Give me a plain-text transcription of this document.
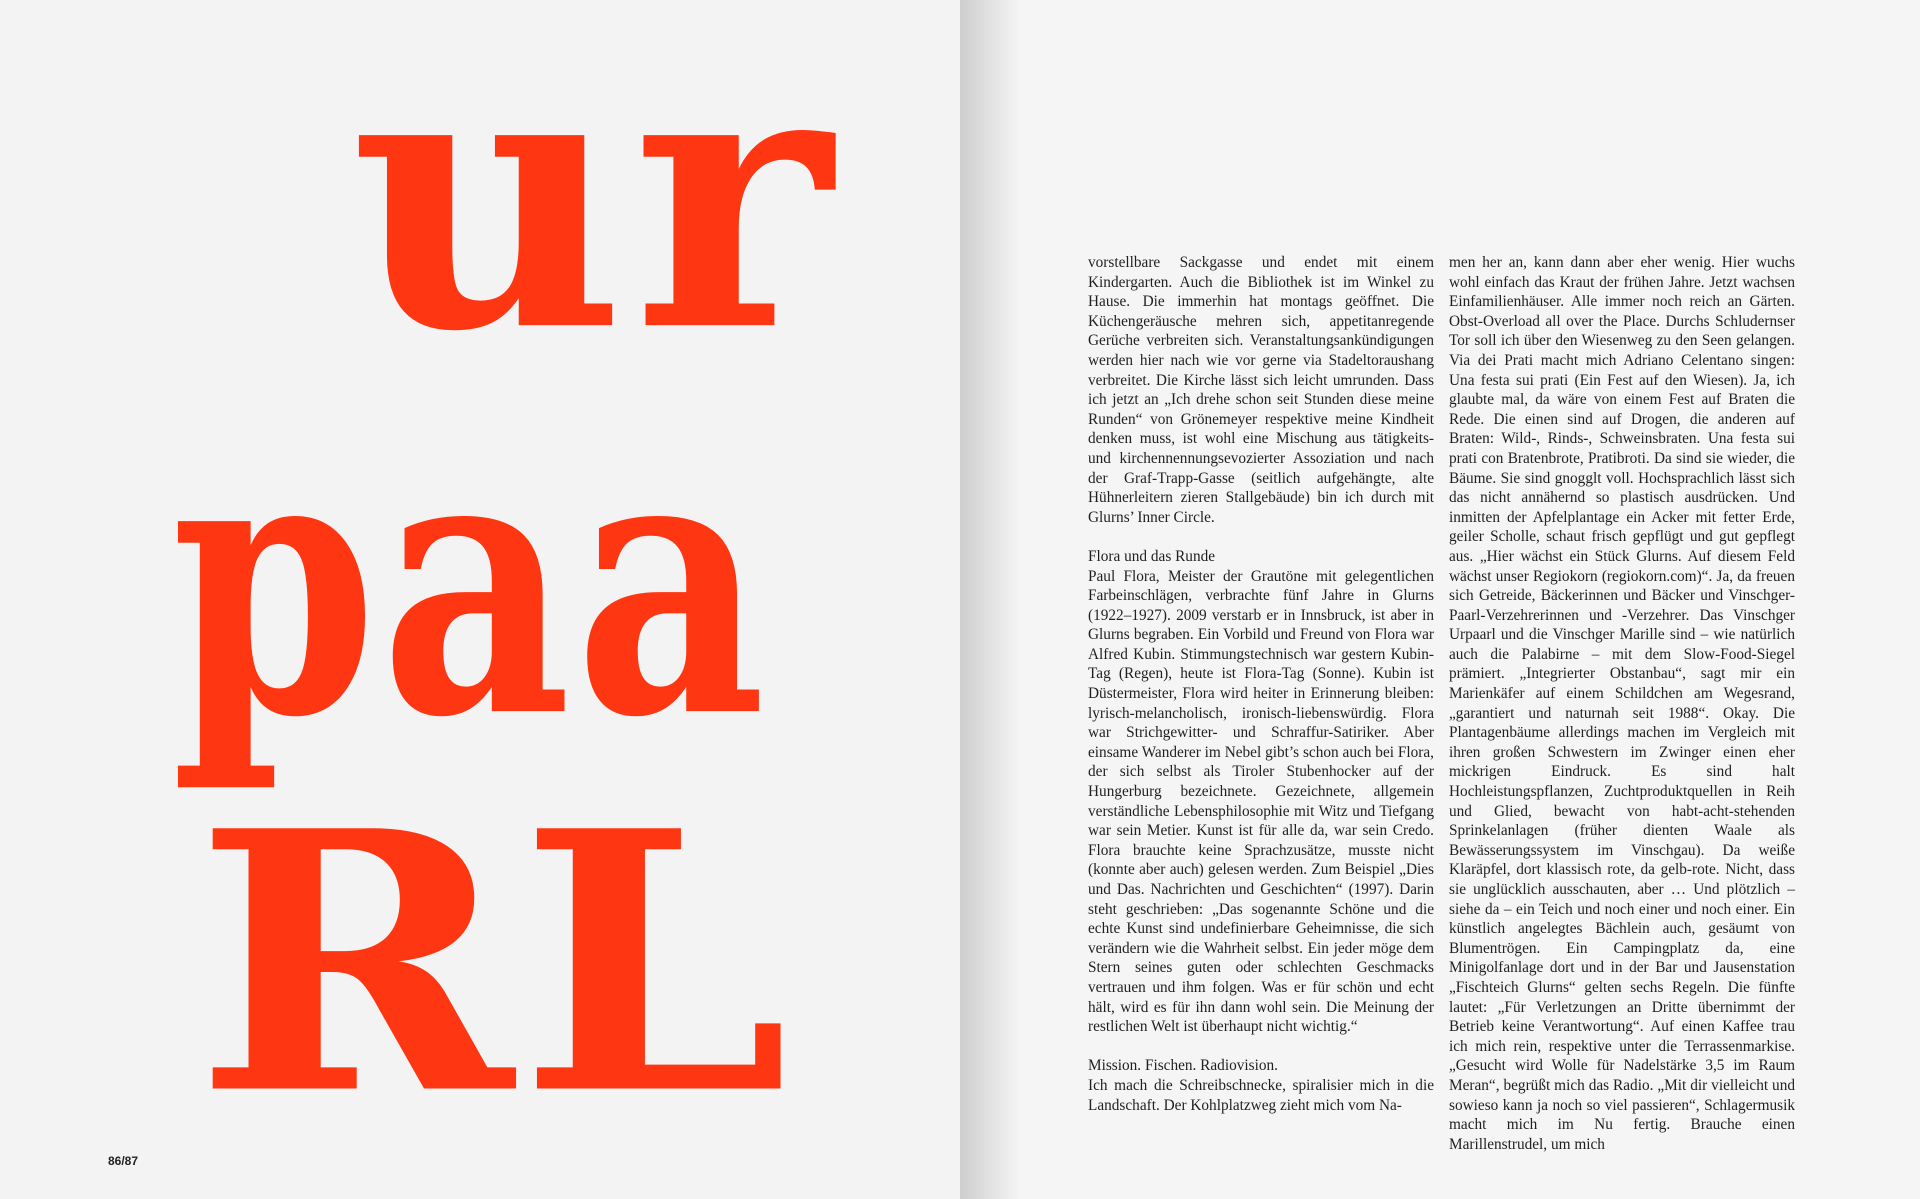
ur
paa
RL
86/87

vorstellbare Sackgasse und endet mit einem Kindergarten. Auch die Bibliothek ist im Winkel zu Hause. Die immerhin hat montags geöffnet. Die Küchengeräusche mehren sich, appetitanregende Gerüche verbreiten sich. Veranstaltungsankündigungen werden hier nach wie vor gerne via Stadeltoraushang verbreitet. Die Kirche lässt sich leicht umrunden. Dass ich jetzt an „Ich drehe schon seit Stunden diese meine Runden“ von Grönemeyer respektive meine Kindheit denken muss, ist wohl eine Mischung aus tätigkeits- und kirchennennungsevozierter Assoziation und nach der Graf-Trapp-Gasse (seitlich aufgehängte, alte Hühnerleitern zieren Stallgebäude) bin ich durch mit Glurns’ Inner Circle.

Flora und das Runde

Paul Flora, Meister der Grautöne mit gelegentlichen Farbeinschlägen, verbrachte fünf Jahre in Glurns (1922–1927). 2009 verstarb er in Innsbruck, ist aber in Glurns begraben. Ein Vorbild und Freund von Flora war Alfred Kubin. Stimmungstechnisch war gestern Kubin-Tag (Regen), heute ist Flora-Tag (Sonne). Kubin ist Düstermeister, Flora wird heiter in Erinnerung bleiben: lyrisch-melancholisch, ironisch-liebenswürdig. Flora war Strichgewitter- und Schraffur-Satiriker. Aber einsame Wanderer im Nebel gibt’s schon auch bei Flora, der sich selbst als Tiroler Stubenhocker auf der Hungerburg bezeichnete. Gezeichnete, allgemein verständliche Lebensphilosophie mit Witz und Tiefgang war sein Metier. Kunst ist für alle da, war sein Credo. Flora brauchte keine Sprachzusätze, musste nicht (konnte aber auch) gelesen werden. Zum Beispiel „Dies und Das. Nachrichten und Geschichten“ (1997). Darin steht geschrieben: „Das sogenannte Schöne und die echte Kunst sind undefinierbare Geheimnisse, die sich verändern wie die Wahrheit selbst. Ein jeder möge dem Stern seines guten oder schlechten Geschmacks vertrauen und ihm folgen. Was er für schön und echt hält, wird es für ihn dann wohl sein. Die Meinung der restlichen Welt ist überhaupt nicht wichtig.“

Mission. Fischen. Radiovision.

Ich mach die Schreibschnecke, spiralisier mich in die Landschaft. Der Kohlplatzweg zieht mich vom Na-

men her an, kann dann aber eher wenig. Hier wuchs wohl einfach das Kraut der frühen Jahre. Jetzt wachsen Einfamilienhäuser. Alle immer noch reich an Gärten. Obst-Overload all over the Place. Durchs Schludernser Tor soll ich über den Wiesenweg zu den Seen gelangen. Via dei Prati macht mich Adriano Celentano singen: Una festa sui prati (Ein Fest auf den Wiesen). Ja, ich glaubte mal, da wäre von einem Fest auf Braten die Rede. Die einen sind auf Drogen, die anderen auf Braten: Wild-, Rinds-, Schweinsbraten. Una festa sui prati con Bratenbrote, Pratibroti. Da sind sie wieder, die Bäume. Sie sind gnogglt voll. Hochsprachlich lässt sich das nicht annähernd so plastisch ausdrücken. Und inmitten der Apfelplantage ein Acker mit fetter Erde, geiler Scholle, schaut frisch gepflügt und gut gepflegt aus. „Hier wächst ein Stück Glurns. Auf diesem Feld wächst unser Regiokorn (regiokorn.com)“. Ja, da freuen sich Getreide, Bäckerinnen und Bäcker und Vinschger-Paarl-Verzehrerinnen und -Verzehrer. Das Vinschger Urpaarl und die Vinschger Marille sind – wie natürlich auch die Palabirne – mit dem Slow-Food-Siegel prämiert. „Integrierter Obstanbau“, sagt mir ein Marienkäfer auf einem Schildchen am Wegesrand, „garantiert und naturnah seit 1988“. Okay. Die Plantagenbäume allerdings machen im Vergleich mit ihren großen Schwestern im Zwinger einen eher mickrigen Eindruck. Es sind halt Hochleistungspflanzen, Zuchtproduktquellen in Reih und Glied, bewacht von habt-acht-stehenden Sprinkelanlagen (früher dienten Waale als Bewässerungssystem im Vinschgau). Da weiße Klaräpfel, dort klassisch rote, da gelb-rote. Nicht, dass sie unglücklich ausschauten, aber … Und plötzlich – siehe da – ein Teich und noch einer und noch einer. Ein künstlich angelegtes Bächlein auch, gesäumt von Blumentrögen. Ein Campingplatz da, eine Minigolfanlage dort und in der Bar und Jausenstation „Fischteich Glurns“ gelten sechs Regeln. Die fünfte lautet: „Für Verletzungen an Dritte übernimmt der Betrieb keine Verantwortung“. Auf einen Kaffee trau ich mich rein, respektive unter die Terrassenmarkise. „Gesucht wird Wolle für Nadelstärke 3,5 im Raum Meran“, begrüßt mich das Radio. „Mit dir vielleicht und sowieso kann ja noch so viel passieren“, Schlagermusik macht mich im Nu fertig. Brauche einen Marillenstrudel, um mich
